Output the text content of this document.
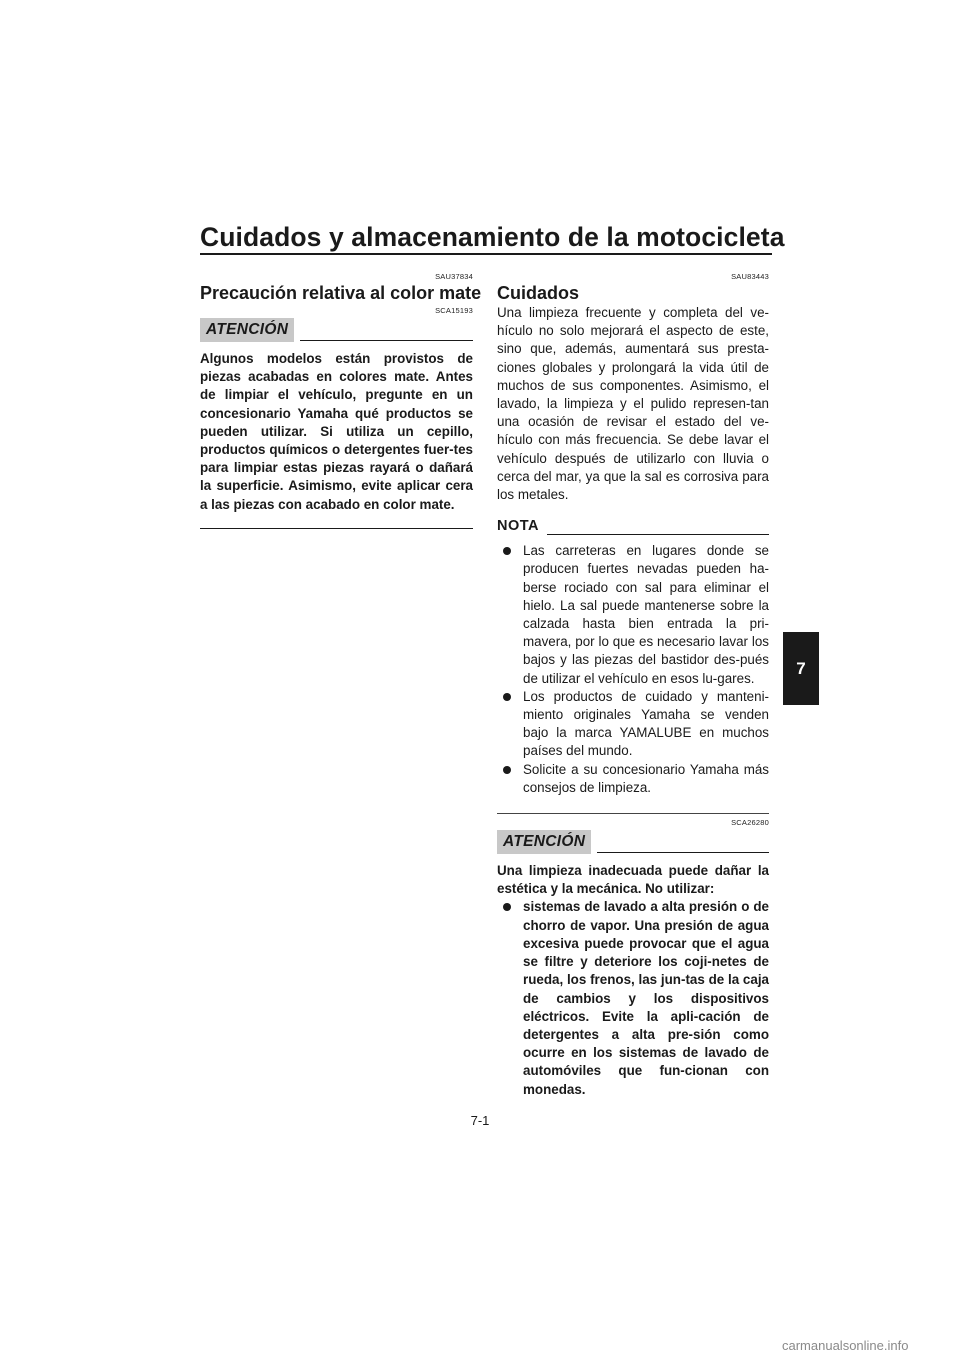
Cuidados y almacenamiento de la motocicleta
SAU37834
Precaución relativa al color mate
SCA15193
ATENCIÓN

Algunos modelos están provistos de piezas acabadas en colores mate. Antes de limpiar el vehículo, pregunte en un concesionario Yamaha qué productos se pueden utilizar. Si utiliza un cepillo, productos químicos o detergentes fuer-tes para limpiar estas piezas rayará o dañará la superficie. Asimismo, evite aplicar cera a las piezas con acabado en color mate.

SAU83443
Cuidados

Una limpieza frecuente y completa del ve-hículo no solo mejorará el aspecto de este, sino que, además, aumentará sus presta-ciones globales y prolongará la vida útil de muchos de sus componentes. Asimismo, el lavado, la limpieza y el pulido represen-tan una ocasión de revisar el estado del ve-hículo con más frecuencia. Se debe lavar el vehículo después de utilizarlo con lluvia o cerca del mar, ya que la sal es corrosiva para los metales.

NOTA
Las carreteras en lugares donde se producen fuertes nevadas pueden ha-berse rociado con sal para eliminar el hielo. La sal puede mantenerse sobre la calzada hasta bien entrada la pri-mavera, por lo que es necesario lavar los bajos y las piezas del bastidor des-pués de utilizar el vehículo en esos lu-gares.
Los productos de cuidado y manteni-miento originales Yamaha se venden bajo la marca YAMALUBE en muchos países del mundo.
Solicite a su concesionario Yamaha más consejos de limpieza.
SCA26280
ATENCIÓN

Una limpieza inadecuada puede dañar la estética y la mecánica. No utilizar:

sistemas de lavado a alta presión o de chorro de vapor. Una presión de agua excesiva puede provocar que el agua se filtre y deteriore los coji-netes de rueda, los frenos, las jun-tas de la caja de cambios y los dispositivos eléctricos. Evite la apli-cación de detergentes a alta pre-sión como ocurre en los sistemas de lavado de automóviles que fun-cionan con monedas.
7
7-1
carmanualsonline.info
